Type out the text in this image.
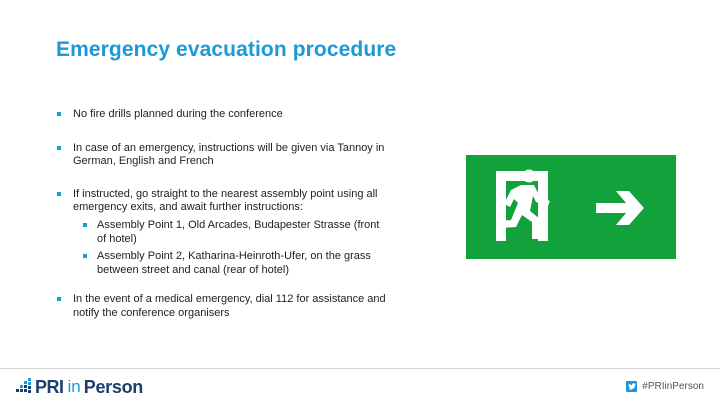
Emergency evacuation procedure
No fire drills planned during the conference
In case of an emergency, instructions will be given via Tannoy in German, English and French
If instructed, go straight to the nearest assembly point using all emergency exits, and await further instructions:
Assembly Point 1, Old Arcades, Budapester Strasse (front of hotel)
Assembly Point 2, Katharina-Heinroth-Ufer, on the grass between street and canal (rear of hotel)
In the event of a medical emergency, dial 112 for assistance and notify the conference organisers
PRI in Person	#PRIinPerson
